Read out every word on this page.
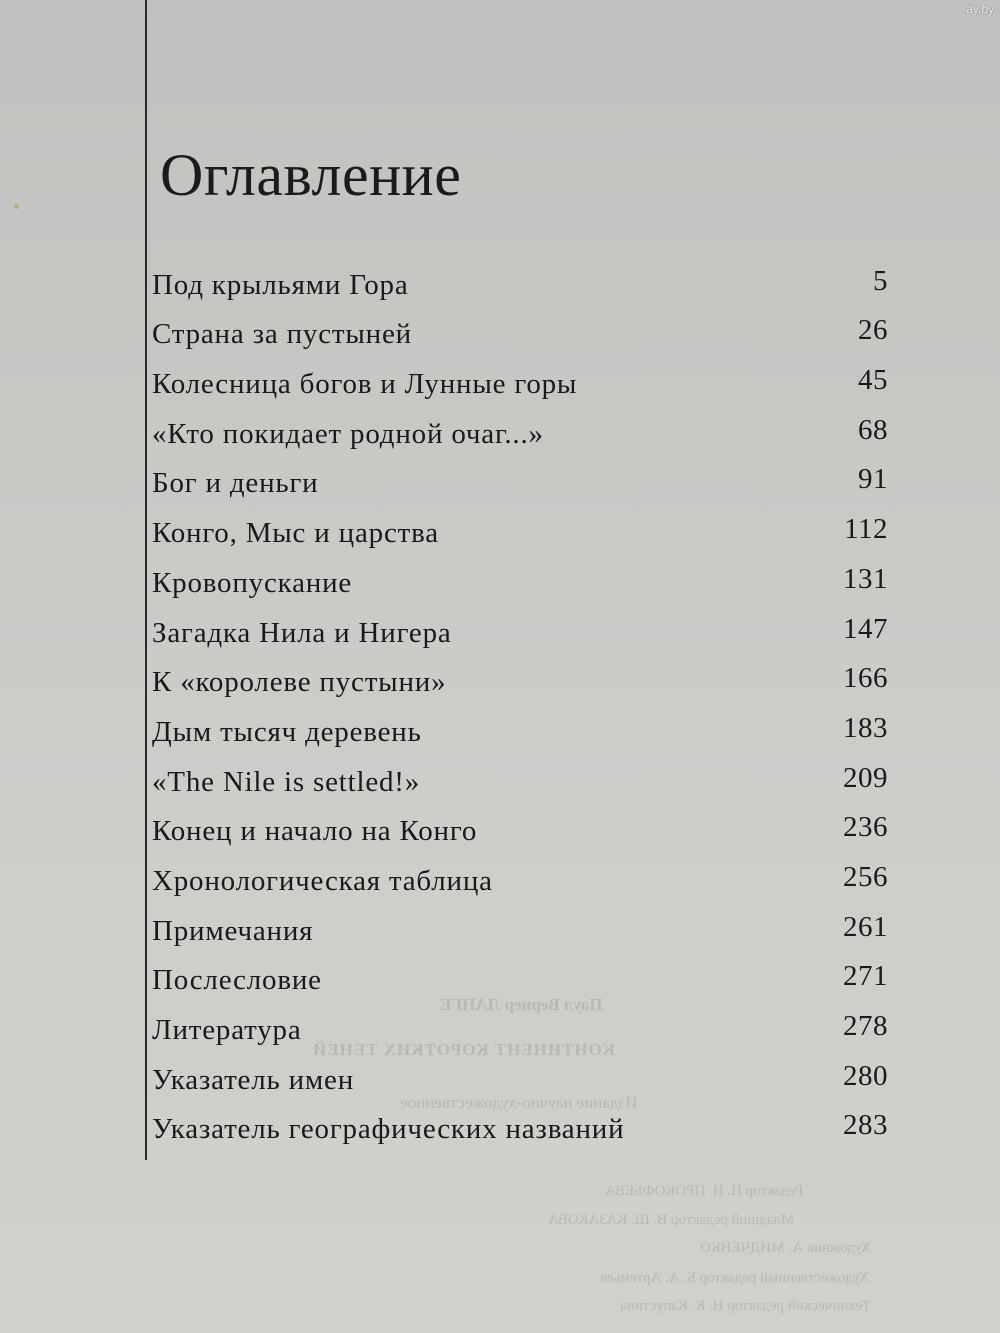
Паул Вернер ЛАНГЕ
КОНТИНЕНТ КОРОТКИХ ТЕНЕЙ
Издание научно-художественное
Редактор Н. Н. ПРОКОФЬЕВА
Младший редактор В. Ш. КАЗАКОВА
Художник А. МИДЧЕНКО
Художественный редактор Б. А. Артемьев
Технический редактор Н. К. Капустина
Оглавление
Под крыльями Гора	5
Страна за пустыней	26
Колесница богов и Лунные горы	45
«Кто покидает родной очаг...»	68
Бог и деньги	91
Конго, Мыс и царства	112
Кровопускание	131
Загадка Нила и Нигера	147
К «королеве пустыни»	166
Дым тысяч деревень	183
«The Nile is settled!»	209
Конец и начало на Конго	236
Хронологическая таблица	256
Примечания	261
Послесловие	271
Литература	278
Указатель имен	280
Указатель географических названий	283
ay.by
